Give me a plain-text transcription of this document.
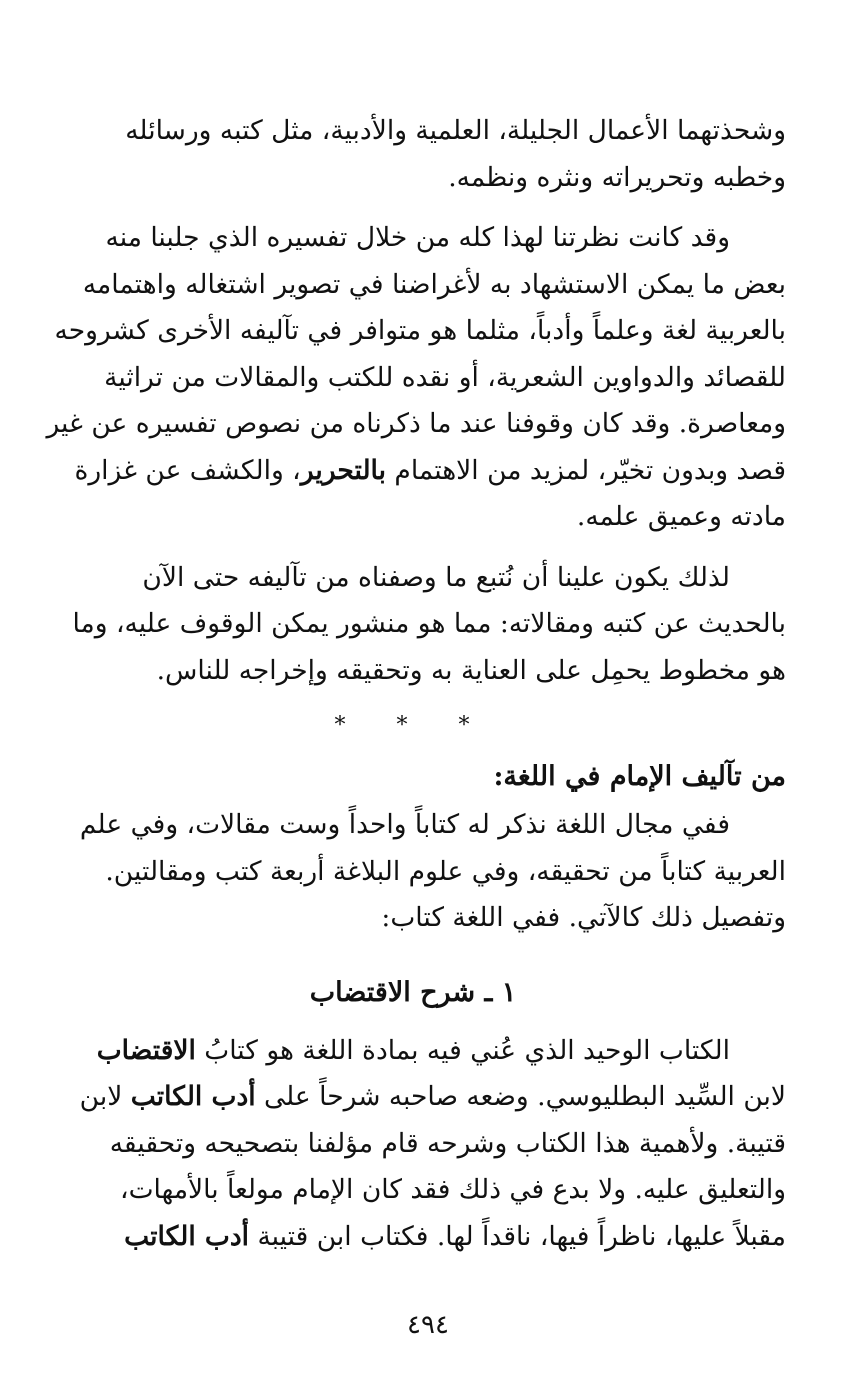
وشحذتهما الأعمال الجليلة، العلمية والأدبية، مثل كتبه ورسائله
وخطبه وتحريراته ونثره ونظمه.

وقد كانت نظرتنا لهذا كله من خلال تفسيره الذي جلبنا منه
بعض ما يمكن الاستشهاد به لأغراضنا في تصوير اشتغاله واهتمامه
بالعربية لغة وعلماً وأدباً، مثلما هو متوافر في تآليفه الأخرى كشروحه
للقصائد والدواوين الشعرية، أو نقده للكتب والمقالات من تراثية
ومعاصرة. وقد كان وقوفنا عند ما ذكرناه من نصوص تفسيره عن غير
قصد وبدون تخيّر، لمزيد من الاهتمام بالتحرير، والكشف عن غزارة
مادته وعميق علمه.

لذلك يكون علينا أن نُتبع ما وصفناه من تآليفه حتى الآن
بالحديث عن كتبه ومقالاته: مما هو منشور يمكن الوقوف عليه، وما
هو مخطوط يحمِل على العناية به وتحقيقه وإخراجه للناس.

* * *
من تآليف الإمام في اللغة:

ففي مجال اللغة نذكر له كتاباً واحداً وست مقالات، وفي علم
العربية كتاباً من تحقيقه، وفي علوم البلاغة أربعة كتب ومقالتين.
وتفصيل ذلك كالآتي. ففي اللغة كتاب:

١ ـ شرح الاقتضاب

الكتاب الوحيد الذي عُني فيه بمادة اللغة هو كتابُ الاقتضاب
لابن السِّيد البطليوسي. وضعه صاحبه شرحاً على أدب الكاتب لابن
قتيبة. ولأهمية هذا الكتاب وشرحه قام مؤلفنا بتصحيحه وتحقيقه
والتعليق عليه. ولا بدع في ذلك فقد كان الإمام مولعاً بالأمهات،
مقبلاً عليها، ناظراً فيها، ناقداً لها. فكتاب ابن قتيبة أدب الكاتب

٤٩٤
